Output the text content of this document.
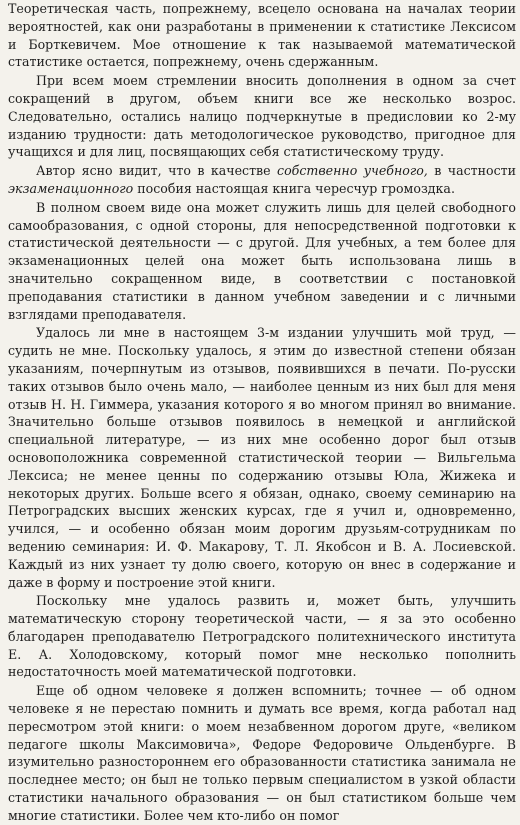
Теоретическая часть, попрежнему, всецело основана на началах теории вероятностей, как они разработаны в применении к статистике Лексисом и Борткевичем. Мое отношение к так называемой математической статистике остается, попрежнему, очень сдержанным.

При всем моем стремлении вносить дополнения в одном за счет сокращений в другом, объем книги все же несколько возрос. Следовательно, остались налицо подчеркнутые в предисловии ко 2-му изданию трудности: дать методологическое руководство, пригодное для учащихся и для лиц, посвящающих себя статистическому труду.

Автор ясно видит, что в качестве собственно учебного, в частности экзаменационного пособия настоящая книга чересчур громоздка.

В полном своем виде она может служить лишь для целей свободного самообразования, с одной стороны, для непосредственной подготовки к статистической деятельности — с другой. Для учебных, а тем более для экзаменационных целей она может быть использована лишь в значительно сокращенном виде, в соответствии с постановкой преподавания статистики в данном учебном заведении и с личными взглядами преподавателя.

Удалось ли мне в настоящем 3-м издании улучшить мой труд, — судить не мне. Поскольку удалось, я этим до известной степени обязан указаниям, почерпнутым из отзывов, появившихся в печати. По-русски таких отзывов было очень мало, — наиболее ценным из них был для меня отзыв Н. Н. Гиммера, указания которого я во многом принял во внимание. Значительно больше отзывов появилось в немецкой и английской специальной литературе, — из них мне особенно дорог был отзыв основоположника современной статистической теории — Вильгельма Лексиса; не менее ценны по содержанию отзывы Юла, Жижека и некоторых других. Больше всего я обязан, однако, своему семинарию на Петроградских высших женских курсах, где я учил и, одновременно, учился, — и особенно обязан моим дорогим друзьям-сотрудникам по ведению семинария: И. Ф. Макарову, Т. Л. Якобсон и В. А. Лосиевской. Каждый из них узнает ту долю своего, которую он внес в содержание и даже в форму и построение этой книги.

Поскольку мне удалось развить и, может быть, улучшить математическую сторону теоретической части, — я за это особенно благодарен преподавателю Петроградского политехнического института Е. А. Холодовскому, который помог мне несколько пополнить недостаточность моей математической подготовки.

Еще об одном человеке я должен вспомнить; точнее — об одном человеке я не перестаю помнить и думать все время, когда работал над пересмотром этой книги: о моем незабвенном дорогом друге, «великом педагоге школы Максимовича», Федоре Федоровиче Ольденбурге. В изумительно разностороннем его образованности статистика занимала не последнее место; он был не только первым специалистом в узкой области статистики начального образования — он был статистиком больше чем многие статистики. Более чем кто-либо он помог
